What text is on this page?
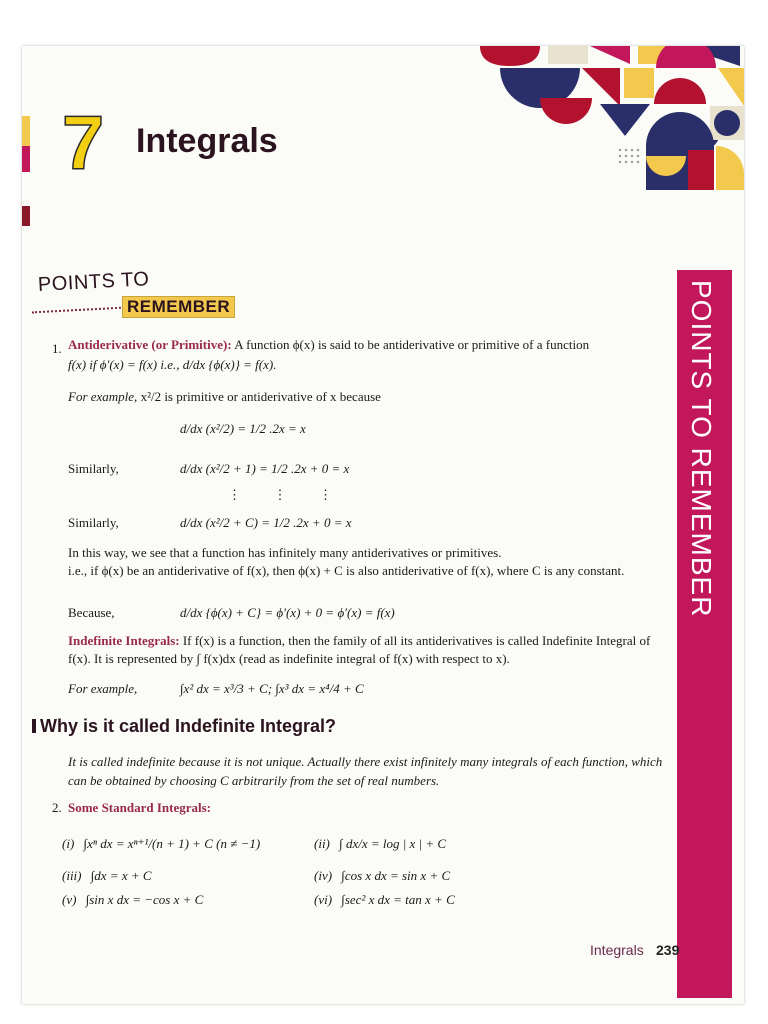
7 Integrals
POINTS TO
REMEMBER	POINTS TO REMEMBER
1. Antiderivative (or Primitive): A function ϕ(x) is said to be antiderivative or primitive of a function
f(x) if ϕ′(x) = f(x) i.e., d/dx {ϕ(x)} = f(x).
For example, x²/2 is primitive or antiderivative of x because
d/dx (x²/2) = 1/2 .2x = x
Similarly,	d/dx (x²/2 + 1) = 1/2 .2x + 0 = x
⋮          ⋮          ⋮
Similarly,	d/dx (x²/2 + C) = 1/2 .2x + 0 = x
In this way, we see that a function has infinitely many antiderivatives or primitives.
i.e., if ϕ(x) be an antiderivative of f(x), then ϕ(x) + C is also antiderivative of f(x), where C is any constant.
Because,	d/dx {ϕ(x) + C} = ϕ′(x) + 0 = ϕ′(x) = f(x)
Indefinite Integrals: If f(x) is a function, then the family of all its antiderivatives is called Indefinite Integral of f(x). It is represented by ∫ f(x)dx (read as indefinite integral of f(x) with respect to x).
For example,	∫x² dx = x³/3 + C; ∫x³ dx = x⁴/4 + C
Why is it called Indefinite Integral?
It is called indefinite because it is not unique. Actually there exist infinitely many integrals of each function, which can be obtained by choosing C arbitrarily from the set of real numbers.
2. Some Standard Integrals:
(i) ∫xⁿ dx = xⁿ⁺¹/(n + 1) + C (n ≠ −1)	(ii) ∫ dx/x = log | x | + C
(iii) ∫dx = x + C	(iv) ∫cos x dx = sin x + C
(v) ∫sin x dx = −cos x + C	(vi) ∫sec² x dx = tan x + C
Integrals 239
